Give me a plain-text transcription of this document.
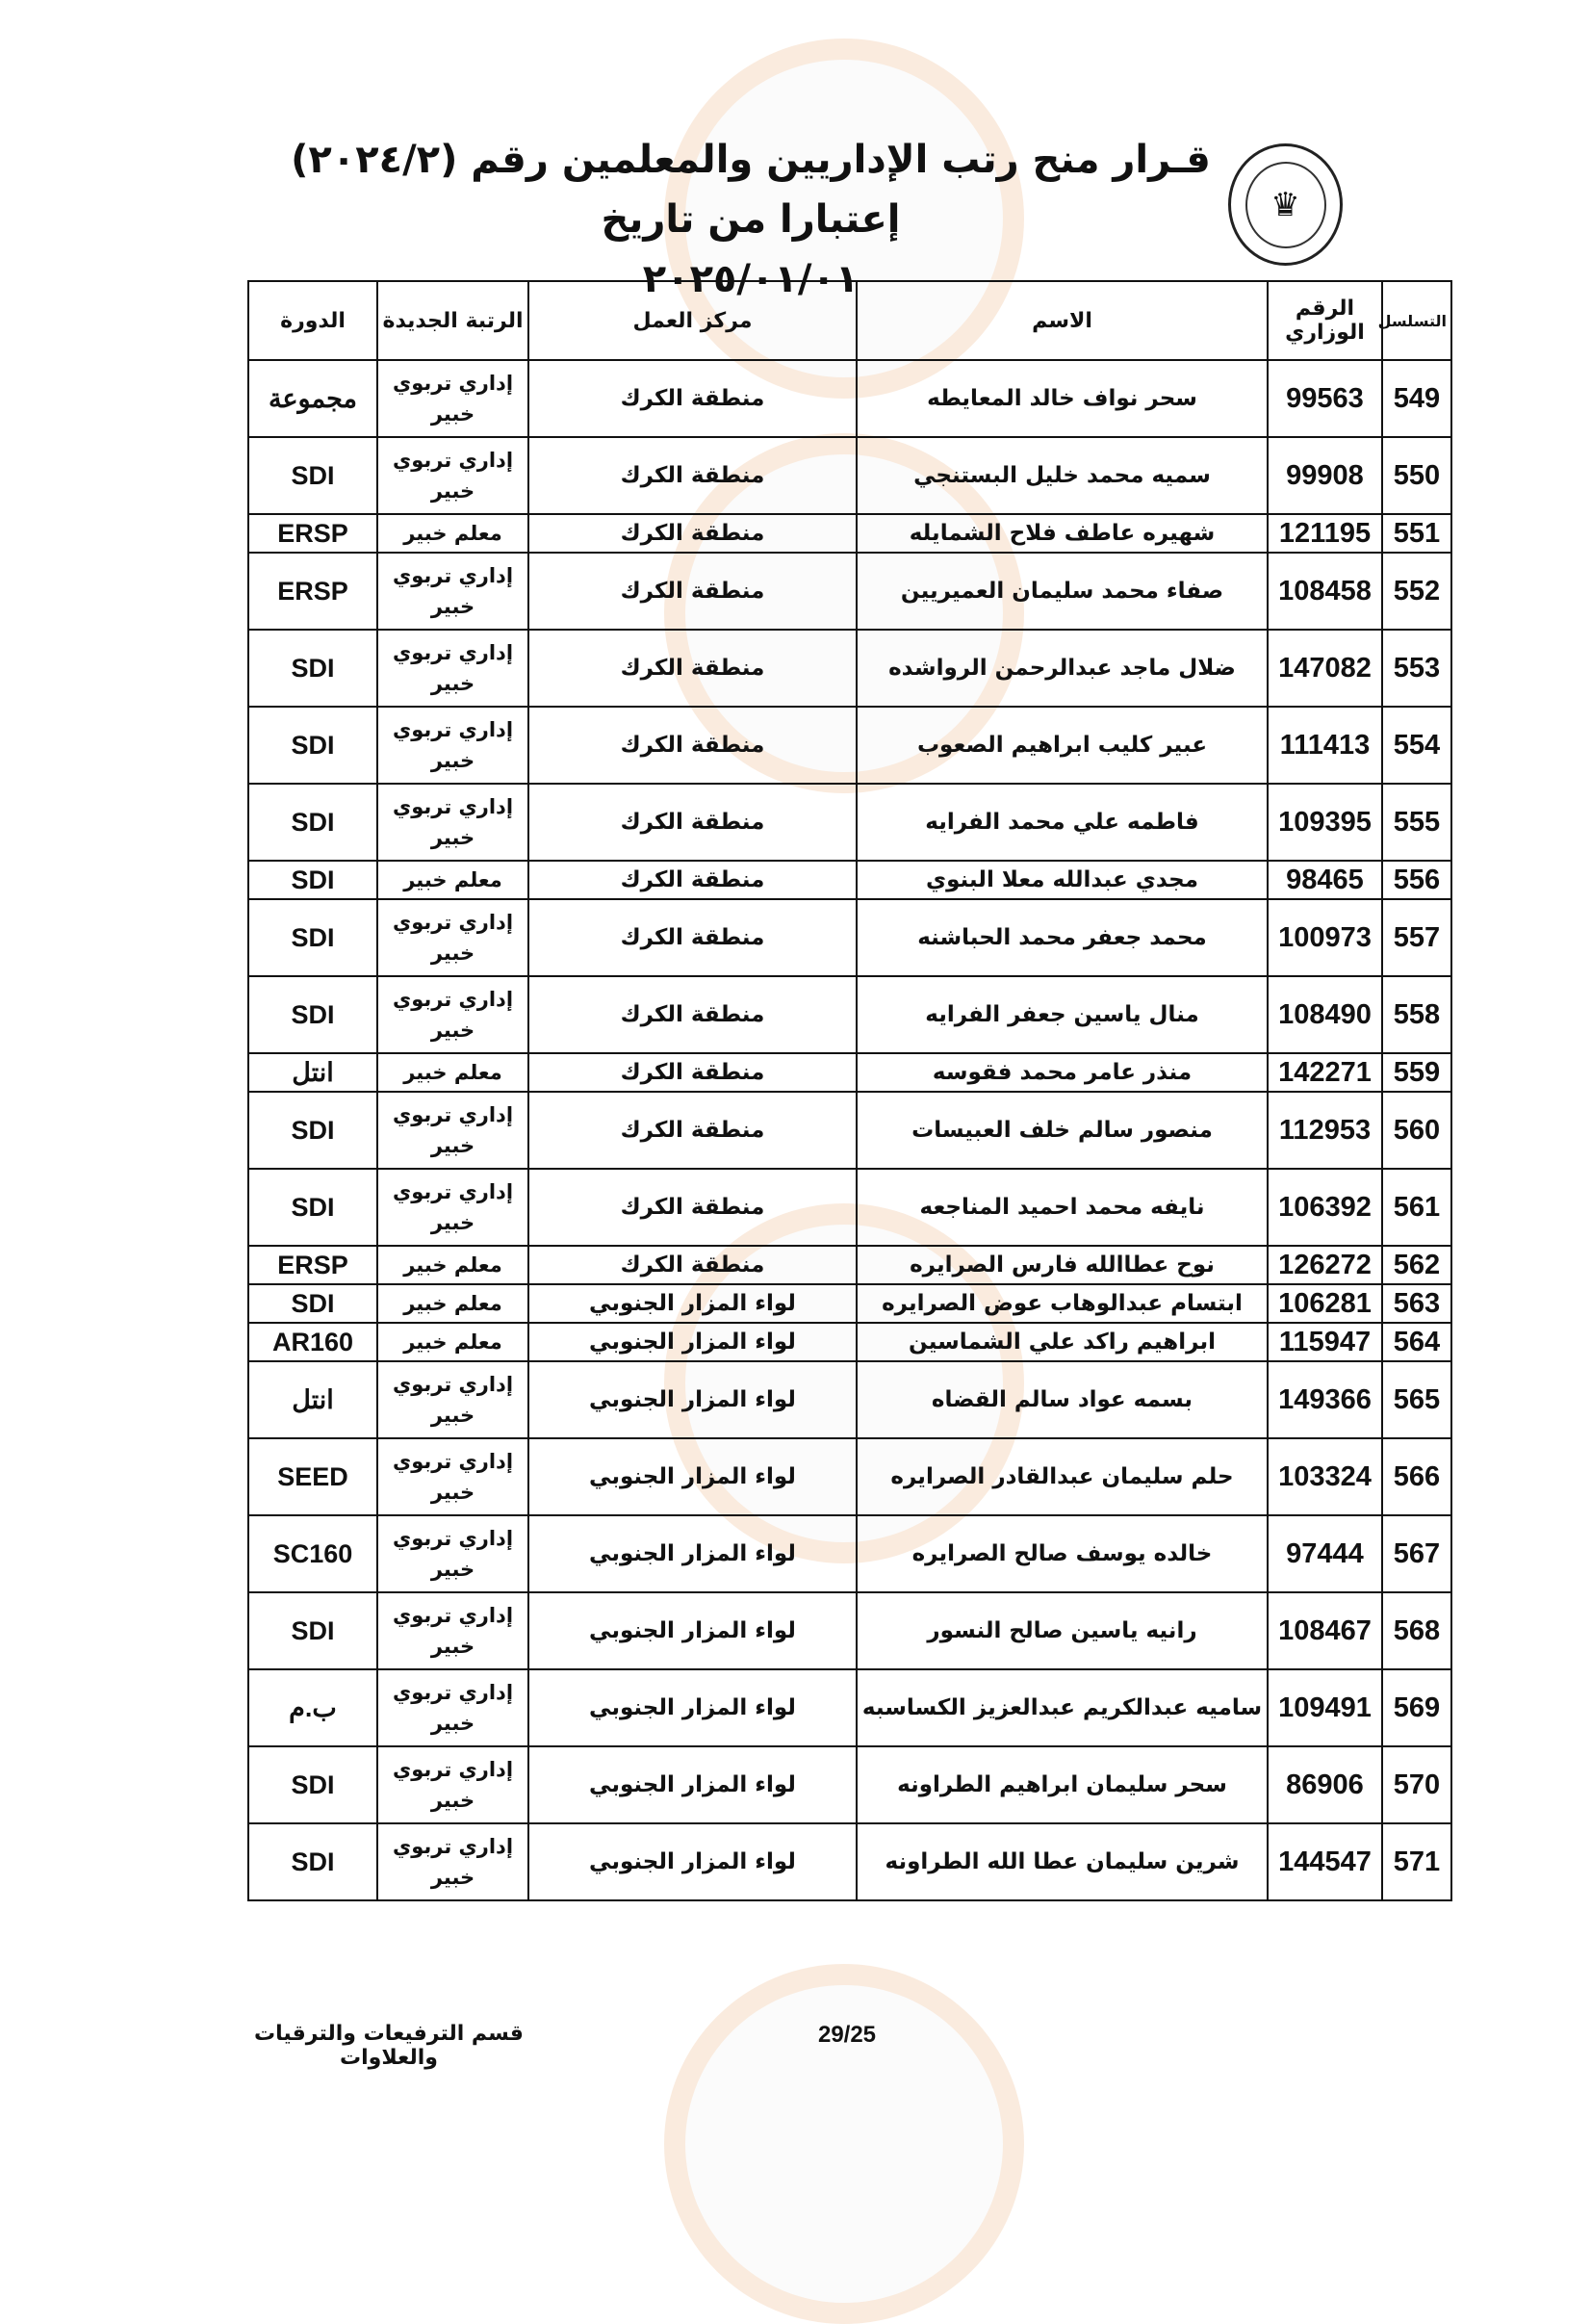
♛
قـرار منح رتب الإداريين والمعلمين رقم (٢٠٢٤/٢) إعتبارا من تاريخ
٢٠٢٥/٠١/٠١
التسلسل	الرقم الوزاري	الاسم	مركز العمل	الرتبة الجديدة	الدورة
549	99563	سحر نواف خالد المعايطه	منطقة الكرك	إداري تربوي خبير	مجموعة
550	99908	سميه محمد خليل البستنجي	منطقة الكرك	إداري تربوي خبير	SDI
551	121195	شهيره عاطف فلاح الشمايله	منطقة الكرك	معلم خبير	ERSP
552	108458	صفاء محمد سليمان العميريين	منطقة الكرك	إداري تربوي خبير	ERSP
553	147082	ضلال ماجد عبدالرحمن الرواشده	منطقة الكرك	إداري تربوي خبير	SDI
554	111413	عبير كليب ابراهيم الصعوب	منطقة الكرك	إداري تربوي خبير	SDI
555	109395	فاطمه علي محمد الفرايه	منطقة الكرك	إداري تربوي خبير	SDI
556	98465	مجدي عبدالله معلا البنوي	منطقة الكرك	معلم خبير	SDI
557	100973	محمد جعفر محمد الحباشنه	منطقة الكرك	إداري تربوي خبير	SDI
558	108490	منال ياسين جعفر الفرايه	منطقة الكرك	إداري تربوي خبير	SDI
559	142271	منذر عامر محمد فقوسه	منطقة الكرك	معلم خبير	انتل
560	112953	منصور سالم خلف العبيسات	منطقة الكرك	إداري تربوي خبير	SDI
561	106392	نايفه محمد احميد المناجعه	منطقة الكرك	إداري تربوي خبير	SDI
562	126272	نوح عطاالله فارس الصرايره	منطقة الكرك	معلم خبير	ERSP
563	106281	ابتسام عبدالوهاب عوض الصرايره	لواء المزار الجنوبي	معلم خبير	SDI
564	115947	ابراهيم راكد علي الشماسين	لواء المزار الجنوبي	معلم خبير	AR160
565	149366	بسمه عواد سالم القضاه	لواء المزار الجنوبي	إداري تربوي خبير	انتل
566	103324	حلم سليمان عبدالقادر الصرايره	لواء المزار الجنوبي	إداري تربوي خبير	SEED
567	97444	خالده يوسف صالح الصرايره	لواء المزار الجنوبي	إداري تربوي خبير	SC160
568	108467	رانيه ياسين صالح النسور	لواء المزار الجنوبي	إداري تربوي خبير	SDI
569	109491	ساميه عبدالكريم عبدالعزيز الكساسبه	لواء المزار الجنوبي	إداري تربوي خبير	ب.م
570	86906	سحر سليمان ابراهيم الطراونه	لواء المزار الجنوبي	إداري تربوي خبير	SDI
571	144547	شرين سليمان عطا الله الطراونه	لواء المزار الجنوبي	إداري تربوي خبير	SDI
29/25
قسم الترفيعات والترقيات والعلاوات
